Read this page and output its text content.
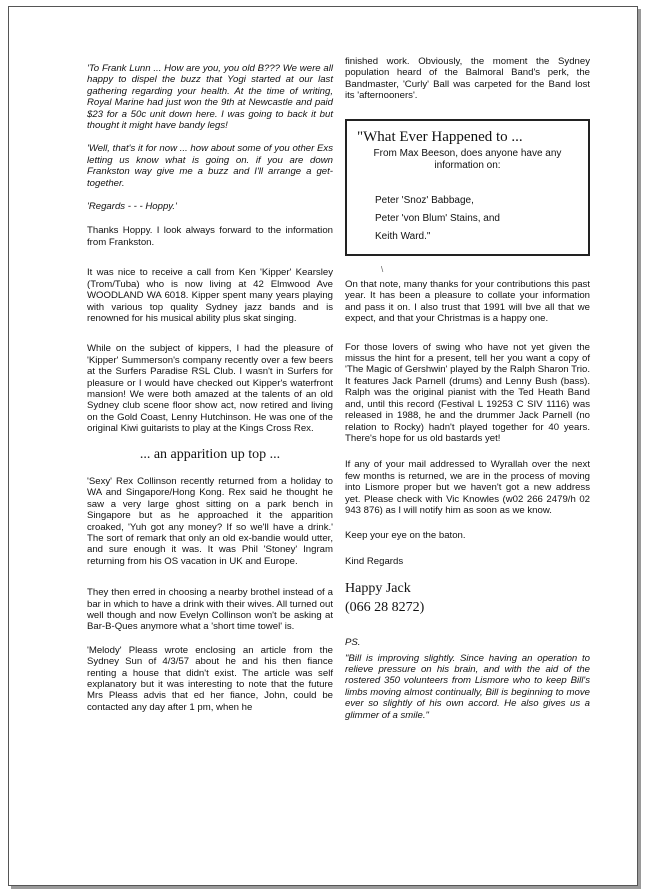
'To Frank Lunn ... How are you, you old B??? We were all happy to dispel the buzz that Yogi started at our last gathering regarding your health. At the time of writing, Royal Marine had just won the 9th at Newcastle and paid $23 for a 50c unit down here. I was going to back it but thought it might have bandy legs!

'Well, that's it for now ... how about some of you other Exs letting us know what is going on. if you are down Frankston way give me a buzz and I'll arrange a get-together.

'Regards - - - Hoppy.'

Thanks Hoppy. I look always forward to the information from Frankston.

It was nice to receive a call from Ken 'Kipper' Kearsley (Trom/Tuba) who is now living at 42 Elmwood Ave WOODLAND WA 6018. Kipper spent many years playing with various top quality Sydney jazz bands and is renowned for his musical ability plus skat singing.

While on the subject of kippers, I had the pleasure of 'Kipper' Summerson's company recently over a few beers at the Surfers Paradise RSL Club. I wasn't in Surfers for pleasure or I would have checked out Kipper's waterfront mansion! We were both amazed at the talents of an old Sydney club scene floor show act, now retired and living on the Gold Coast, Lenny Hutchinson. He was one of the original Kiwi guitarists to play at the Kings Cross Rex.

... an apparition up top ...

'Sexy' Rex Collinson recently returned from a holiday to WA and Singapore/Hong Kong. Rex said he thought he saw a very large ghost sitting on a park bench in Singapore but as he approached it the apparition croaked, 'Yuh got any money? If so we'll have a drink.' The sort of remark that only an old ex-bandie would utter, and sure enough it was. It was Phil 'Stoney' Ingram returning from his OS vacation in UK and Europe.

They then erred in choosing a nearby brothel instead of a bar in which to have a drink with their wives. All turned out well though and now Evelyn Collinson won't be asking at Bar-B-Ques anymore what a 'short time towel' is.

'Melody' Pleass wrote enclosing an article from the Sydney Sun of 4/3/57 about he and his then fiance renting a house that didn't exist. The article was self explanatory but it was interesting to note that the future Mrs Pleass advis that ed her fiance, John, could be contacted any day after 1 pm, when he

finished work. Obviously, the moment the Sydney population heard of the Balmoral Band's perk, the Bandmaster, 'Curly' Ball was carpeted for the Band lost its 'afternooners'.

"What Ever Happened to ...
From Max Beeson, does anyone have any information on:
Peter 'Snoz' Babbage,
Peter 'von Blum' Stains, and
Keith Ward."
\

On that note, many thanks for your contributions this past year. It has been a pleasure to collate your information and pass it on. I also trust that 1991 will bve all that we expect, and that your Christmas is a happy one.

For those lovers of swing who have not yet given the missus the hint for a present, tell her you want a copy of 'The Magic of Gershwin' played by the Ralph Sharon Trio. It features Jack Parnell (drums) and Lenny Bush (bass). Ralph was the original pianist with the Ted Heath Band and, until this record (Festival L 19253 C SIV 1116) was released in 1988, he and the drummer Jack Parnell (no relation to Rocky) hadn't played together for 40 years. There's hope for us old bastards yet!

If any of your mail addressed to Wyrallah over the next few months is returned, we are in the process of moving into Lismore proper but we haven't got a new address yet. Please check with Vic Knowles (w02 266 2479/h 02 943 876) as I will notify him as soon as we know.

Keep your eye on the baton.

Kind Regards

Happy Jack
(066 28 8272)

PS.

"Bill is improving slightly. Since having an operation to relieve pressure on his brain, and with the aid of the rostered 350 volunteers from Lismore who to keep Bill's limbs moving almost continually, Bill is beginning to move ever so slightly of his own accord. He also gives us a glimmer of a smile."
